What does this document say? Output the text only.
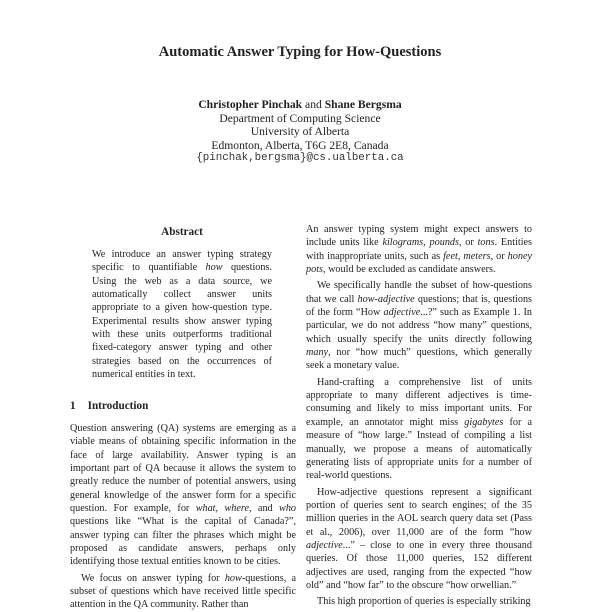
Automatic Answer Typing for How-Questions
Christopher Pinchak and Shane Bergsma
Department of Computing Science
University of Alberta
Edmonton, Alberta, T6G 2E8, Canada
{pinchak,bergsma}@cs.ualberta.ca
Abstract

We introduce an answer typing strategy specific to quantifiable how questions. Using the web as a data source, we automatically collect answer units appropriate to a given how-question type. Experimental results show answer typing with these units outperforms traditional fixed-category answer typing and other strategies based on the occurrences of numerical entities in text.

1 Introduction

Question answering (QA) systems are emerging as a viable means of obtaining specific information in the face of large availability. Answer typing is an important part of QA because it allows the system to greatly reduce the number of potential answers, using general knowledge of the answer form for a specific question. For example, for what, where, and who questions like “What is the capital of Canada?”, answer typing can filter the phrases which might be proposed as candidate answers, perhaps only identifying those textual entities known to be cities.

We focus on answer typing for how-questions, a subset of questions which have received little specific attention in the QA community. Rather than

An answer typing system might expect answers to include units like kilograms, pounds, or tons. Entities with inappropriate units, such as feet, meters, or honey pots, would be excluded as candidate answers.

We specifically handle the subset of how-questions that we call how-adjective questions; that is, questions of the form “How adjective...?” such as Example 1. In particular, we do not address “how many” questions, which usually specify the units directly following many, nor “how much” questions, which generally seek a monetary value.

Hand-crafting a comprehensive list of units appropriate to many different adjectives is time-consuming and likely to miss important units. For example, an annotator might miss gigabytes for a measure of “how large.” Instead of compiling a list manually, we propose a means of automatically generating lists of appropriate units for a number of real-world questions.

How-adjective questions represent a significant portion of queries sent to search engines; of the 35 million queries in the AOL search query data set (Pass et al., 2006), over 11,000 are of the form “how adjective...” – close to one in every three thousand queries. Of those 11,000 queries, 152 different adjectives are used, ranging from the expected “how old” and “how far” to the obscure “how orwellian.”

This high proportion of queries is especially striking
